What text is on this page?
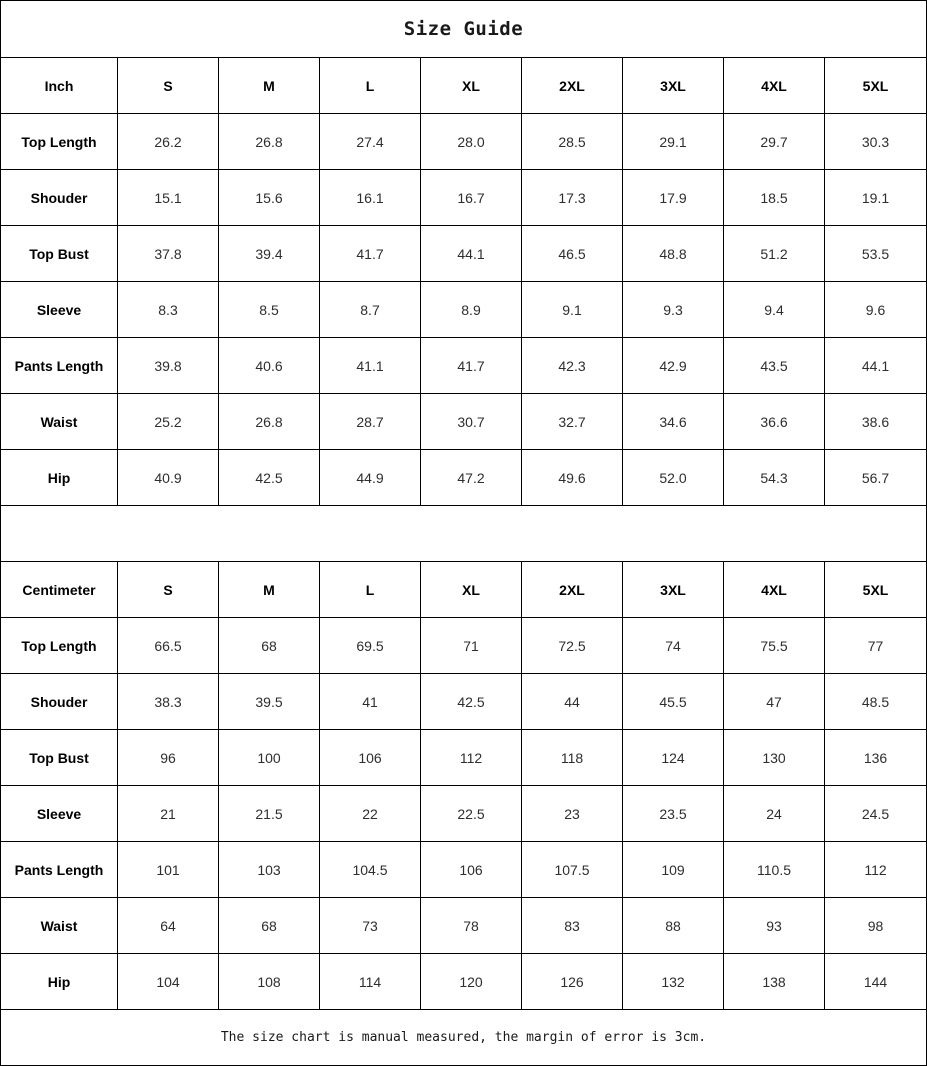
Size Guide
Inch	S	M	L	XL	2XL	3XL	4XL	5XL
Top Length	26.2	26.8	27.4	28.0	28.5	29.1	29.7	30.3
Shouder	15.1	15.6	16.1	16.7	17.3	17.9	18.5	19.1
Top Bust	37.8	39.4	41.7	44.1	46.5	48.8	51.2	53.5
Sleeve	8.3	8.5	8.7	8.9	9.1	9.3	9.4	9.6
Pants Length	39.8	40.6	41.1	41.7	42.3	42.9	43.5	44.1
Waist	25.2	26.8	28.7	30.7	32.7	34.6	36.6	38.6
Hip	40.9	42.5	44.9	47.2	49.6	52.0	54.3	56.7
Centimeter	S	M	L	XL	2XL	3XL	4XL	5XL
Top Length	66.5	68	69.5	71	72.5	74	75.5	77
Shouder	38.3	39.5	41	42.5	44	45.5	47	48.5
Top Bust	96	100	106	112	118	124	130	136
Sleeve	21	21.5	22	22.5	23	23.5	24	24.5
Pants Length	101	103	104.5	106	107.5	109	110.5	112
Waist	64	68	73	78	83	88	93	98
Hip	104	108	114	120	126	132	138	144
The size chart is manual measured, the margin of error is 3cm.
